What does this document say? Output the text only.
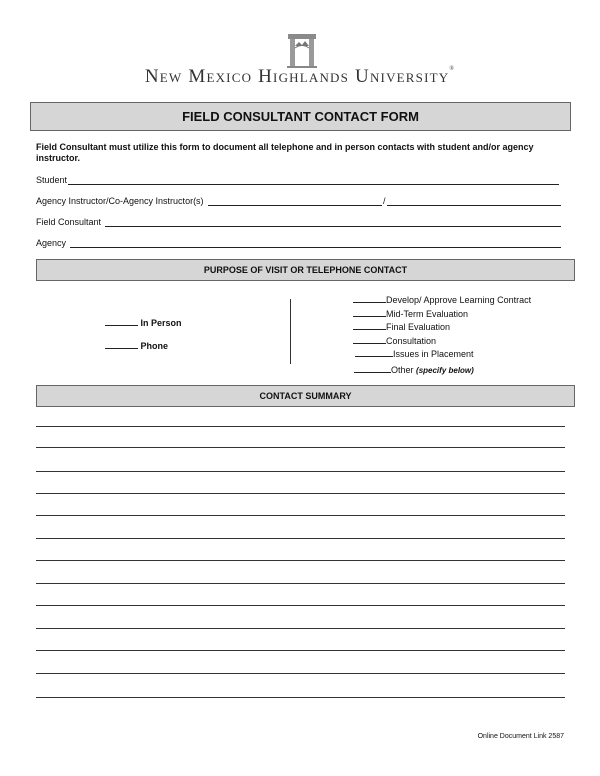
New Mexico Highlands University®
FIELD CONSULTANT CONTACT FORM
Field Consultant must utilize this form to document all telephone and in person contacts with student and/or agency instructor.
Student
Agency Instructor/Co-Agency Instructor(s)	/
Field Consultant
Agency
PURPOSE OF VISIT OR TELEPHONE CONTACT
In Person
Phone
Develop/ Approve Learning Contract
Mid-Term Evaluation
Final Evaluation
Consultation
Issues in Placement
Other (specify below)
CONTACT SUMMARY
Online Document Link 2587
